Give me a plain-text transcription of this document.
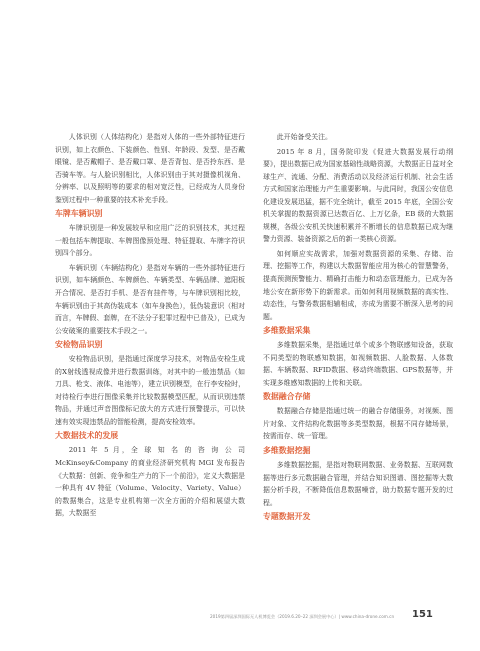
人体识别（人体结构化）是指对人体的一些外部特征进行识别，如上衣颜色、下装颜色、性别、年龄段、发型、是否戴眼镜、是否戴帽子、是否戴口罩、是否背包、是否拎东西、是否骑车等。与人脸识别相比，人体识别由于其对摄像机视角、分辨率、以及照明等的要求的相对宽泛性，已经成为人员身份鉴别过程中一种重要的技术补充手段。

车牌车辆识别

车牌识别是一种发展较早和应用广泛的识别技术，其过程一般包括车牌提取、车牌图像预处理、特征提取、车牌字符识别四个部分。

车辆识别（车辆结构化）是指对车辆的一些外部特征进行识别，如车辆颜色、车牌颜色、车辆类型、车辆品牌、遮阳板开合情况、是否打手机、是否有挂件等，与车牌识别相比较，车辆识别由于其高伪装成本（如车身换色），低伪装意识（相对而言，车牌假、套牌，在不法分子犯罪过程中已普及），已成为公安破案的重要技术手段之一。

安检物品识别

安检物品识别，是指通过深度学习技术，对物品安检生成的X射线透视成像并进行数据训练，对其中的一般违禁品（如刀具、枪支、液体、电池等），建立识别模型，在行李安检时，对待检行李进行图像采集并比较数据模型匹配，从而识别违禁物品，并通过声音图像标记放大的方式进行预警提示，可以快速有效实现违禁品的智能检测，提高安检效率。

大数据技术的发展

2011 年 5 月，全 球 知 名 的 咨 询 公 司 McKinsey&Company 的商业经济研究机构 MGI 发布报告《大数据：创新、竞争和生产力的下一个前沿》，定义大数据是一种具有 4V 特征（Volume、Velocity、Variety、Value）的数据集合，这是专业机构第一次全方面的介绍和展望大数据，大数据至

此开始备受关注。

2015 年 8 月，国务院印发《促进大数据发展行动纲要》，提出数据已成为国家基础性战略资源，大数据正日益对全球生产、流通、分配、消费活动以及经济运行机制、社会生活方式和国家治理能力产生重要影响。与此同时，我国公安信息化建设发展迅猛，据不完全统计，截至 2015 年底，全国公安机关掌握的数据资源已达数百亿、上万亿条，EB 级的大数据规模，各级公安机关快速积累并不断增长的信息数据已成为继警力资源、装备资源之后的新一类核心资源。

如何顺应实战需求，加强对数据资源的采集、存储、治理、挖掘等工作，构建以大数据智能应用为核心的智慧警务，提高预测预警能力、精确打击能力和动态管理能力，已成为各地公安在新形势下的新需求。而如何利用视频数据的高实性、动态性，与警务数据相辅相成，亦成为需要不断深入思考的问题。

多维数据采集

多维数据采集，是指通过单个或多个物联感知设备，获取不同类型的物联感知数据，如视频数据、人脸数据、人体数据、车辆数据、RFID数据、移动终端数据、GPS数据等，并实现多维感知数据的上传和关联。

数据融合存储

数据融合存储是指通过统一的融合存储服务，对视频、图片对象、文件结构化数据等多类型数据，根据不同存储场景，按需而存、统一管理。

多维数据挖掘

多维数据挖掘，是指对物联网数据、业务数据、互联网数据等进行多元数据融合管理，并结合知识图谱、图挖掘等大数据分析手段，不断降低信息数据噪音，助力数据专题开发的过程。

专题数据开发
2019第四届深圳国际无人机博览会（2019.6.20–22 深圳会展中心）| www.china-drone.com.cn 151
